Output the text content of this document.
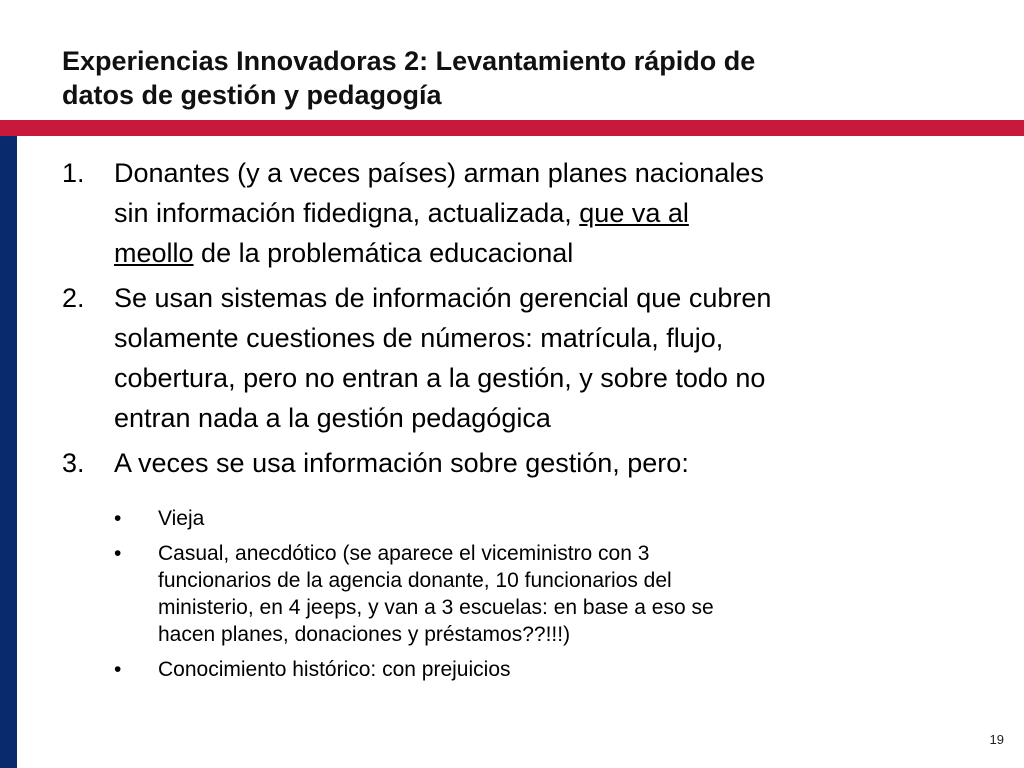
Experiencias Innovadoras 2: Levantamiento rápido de
datos de gestión y pedagogía
1. Donantes (y a veces países) arman planes nacionales
sin información fidedigna, actualizada, que va al
meollo de la problemática educacional
2. Se usan sistemas de información gerencial que cubren
solamente cuestiones de números: matrícula, flujo,
cobertura, pero no entran a la gestión, y sobre todo no
entran nada a la gestión pedagógica
3. A veces se usa información sobre gestión, pero:
• Vieja
• Casual, anecdótico (se aparece el viceministro con 3
funcionarios de la agencia donante, 10 funcionarios del
ministerio, en 4 jeeps, y van a 3 escuelas: en base a eso se
hacen planes, donaciones y préstamos??!!!)
• Conocimiento histórico: con prejuicios
19
